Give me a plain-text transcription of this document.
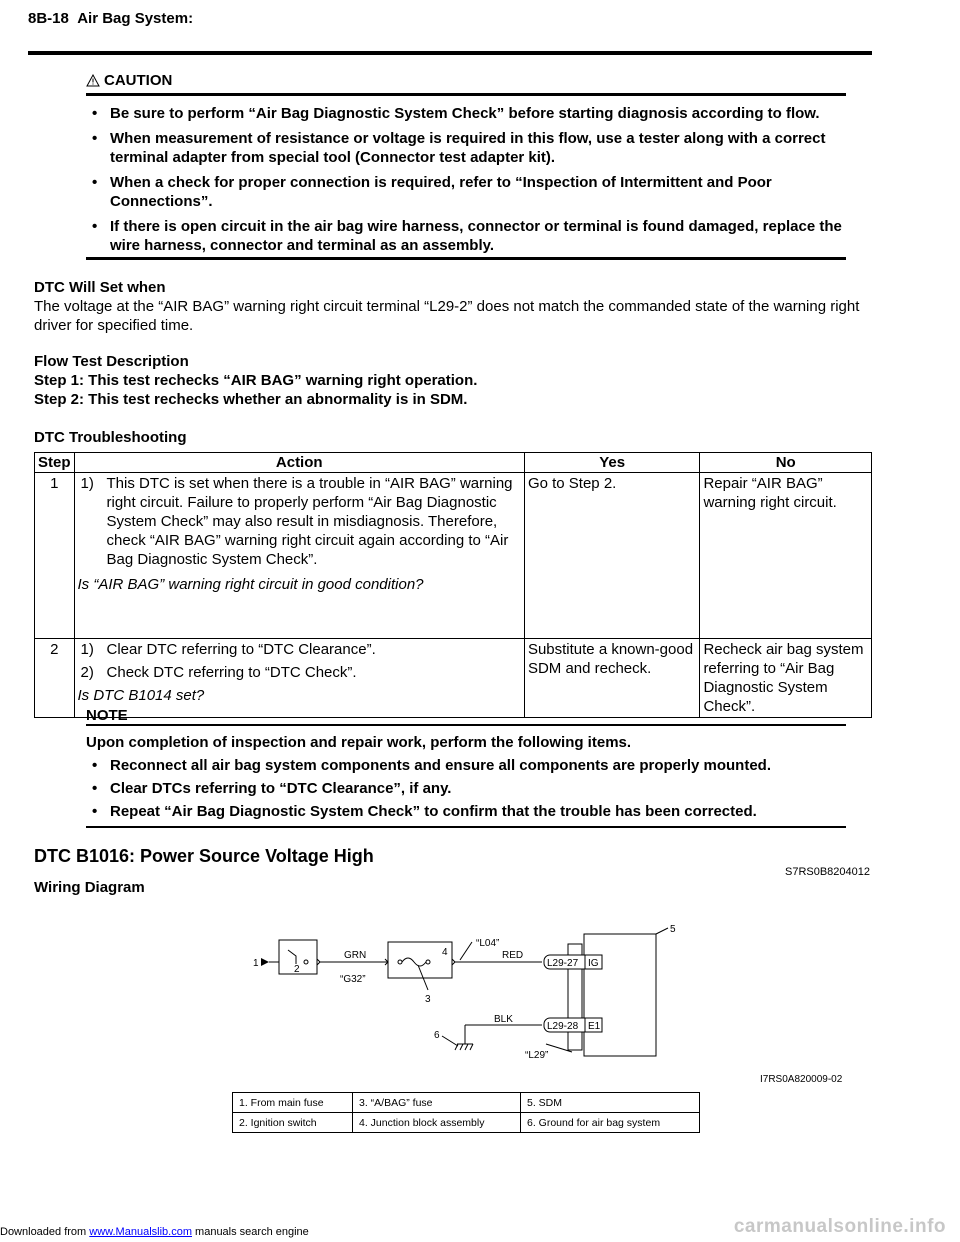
8B-18 Air Bag System:
CAUTION
• Be sure to perform “Air Bag Diagnostic System Check” before starting diagnosis according to flow.
• When measurement of resistance or voltage is required in this flow, use a tester along with a correct terminal adapter from special tool (Connector test adapter kit).
• When a check for proper connection is required, refer to “Inspection of Intermittent and Poor Connections”.
• If there is open circuit in the air bag wire harness, connector or terminal is found damaged, replace the wire harness, connector and terminal as an assembly.
DTC Will Set when
The voltage at the “AIR BAG” warning right circuit terminal “L29-2” does not match the commanded state of the warning right driver for specified time.
Flow Test Description
Step 1: This test rechecks “AIR BAG” warning right operation.
Step 2: This test rechecks whether an abnormality is in SDM.
DTC Troubleshooting
Step	Action	Yes	No
1	1) This DTC is set when there is a trouble in “AIR BAG” warning right circuit. Failure to properly perform “Air Bag Diagnostic System Check” may also result in misdiagnosis. Therefore, check “AIR BAG” warning right circuit again according to “Air Bag Diagnostic System Check”.
Is “AIR BAG” warning right circuit in good condition?	Go to Step 2.	Repair “AIR BAG” warning right circuit.
2	1) Clear DTC referring to “DTC Clearance”.
2) Check DTC referring to “DTC Check”.
Is DTC B1014 set?	Substitute a known-good SDM and recheck.	Recheck air bag system referring to “Air Bag Diagnostic System Check”.
NOTE
Upon completion of inspection and repair work, perform the following items.
• Reconnect all air bag system components and ensure all components are properly mounted.
• Clear DTCs referring to “DTC Clearance”, if any.
• Repeat “Air Bag Diagnostic System Check” to confirm that the trouble has been corrected.
DTC B1016: Power Source Voltage High
S7RS0B8204012
Wiring Diagram
1
2
GRN
“G32”
4
3
RED
“L04”
5
L29-27 IG
L29-28 E1
“L29”
BLK
6
I7RS0A820009-02
1. From main fuse	3. “A/BAG” fuse	5. SDM
2. Ignition switch	4. Junction block assembly	6. Ground for air bag system
Downloaded from www.Manualslib.com manuals search engine	carmanualsonline.info
